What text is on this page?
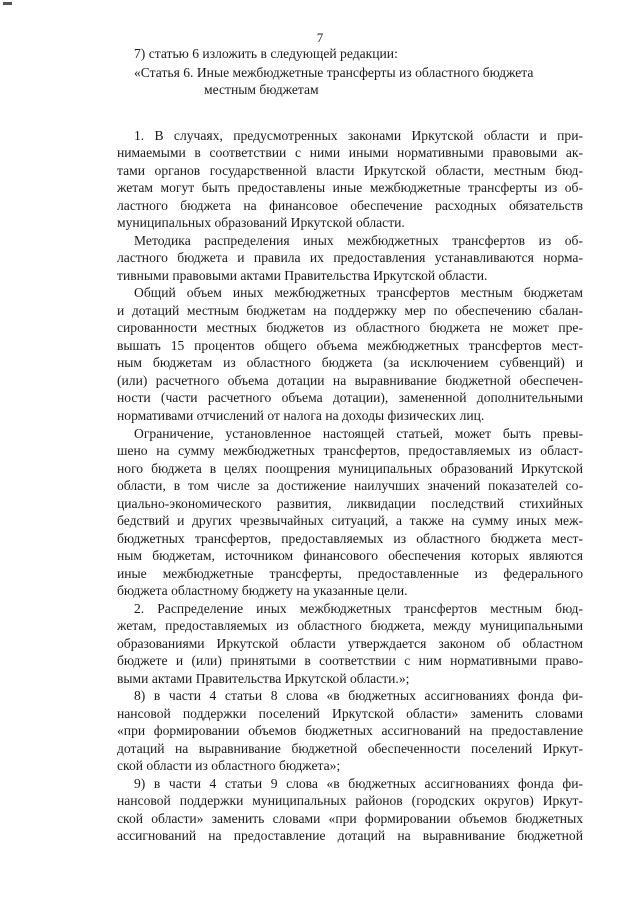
7
7) статью 6 изложить в следующей редакции:
«Статья 6. Иные межбюджетные трансферты из областного бюджета
местным бюджетам
1. В случаях, предусмотренных законами Иркутской области и при-
нимаемыми в соответствии с ними иными нормативными правовыми ак-
тами органов государственной власти Иркутской области, местным бюд-
жетам могут быть предоставлены иные межбюджетные трансферты из об-
ластного бюджета на финансовое обеспечение расходных обязательств
муниципальных образований Иркутской области.
Методика распределения иных межбюджетных трансфертов из об-
ластного бюджета и правила их предоставления устанавливаются норма-
тивными правовыми актами Правительства Иркутской области.
Общий объем иных межбюджетных трансфертов местным бюджетам
и дотаций местным бюджетам на поддержку мер по обеспечению сбалан-
сированности местных бюджетов из областного бюджета не может пре-
вышать 15 процентов общего объема межбюджетных трансфертов мест-
ным бюджетам из областного бюджета (за исключением субвенций) и
(или) расчетного объема дотации на выравнивание бюджетной обеспечен-
ности (части расчетного объема дотации), замененной дополнительными
нормативами отчислений от налога на доходы физических лиц.
Ограничение, установленное настоящей статьей, может быть превы-
шено на сумму межбюджетных трансфертов, предоставляемых из област-
ного бюджета в целях поощрения муниципальных образований Иркутской
области, в том числе за достижение наилучших значений показателей со-
циально-экономического развития, ликвидации последствий стихийных
бедствий и других чрезвычайных ситуаций, а также на сумму иных меж-
бюджетных трансфертов, предоставляемых из областного бюджета мест-
ным бюджетам, источником финансового обеспечения которых являются
иные межбюджетные трансферты, предоставленные из федерального
бюджета областному бюджету на указанные цели.
2. Распределение иных межбюджетных трансфертов местным бюд-
жетам, предоставляемых из областного бюджета, между муниципальными
образованиями Иркутской области утверждается законом об областном
бюджете и (или) принятыми в соответствии с ним нормативными право-
выми актами Правительства Иркутской области.»;
8) в части 4 статьи 8 слова «в бюджетных ассигнованиях фонда фи-
нансовой поддержки поселений Иркутской области» заменить словами
«при формировании объемов бюджетных ассигнований на предоставление
дотаций на выравнивание бюджетной обеспеченности поселений Иркут-
ской области из областного бюджета»;
9) в части 4 статьи 9 слова «в бюджетных ассигнованиях фонда фи-
нансовой поддержки муниципальных районов (городских округов) Иркут-
ской области» заменить словами «при формировании объемов бюджетных
ассигнований на предоставление дотаций на выравнивание бюджетной
